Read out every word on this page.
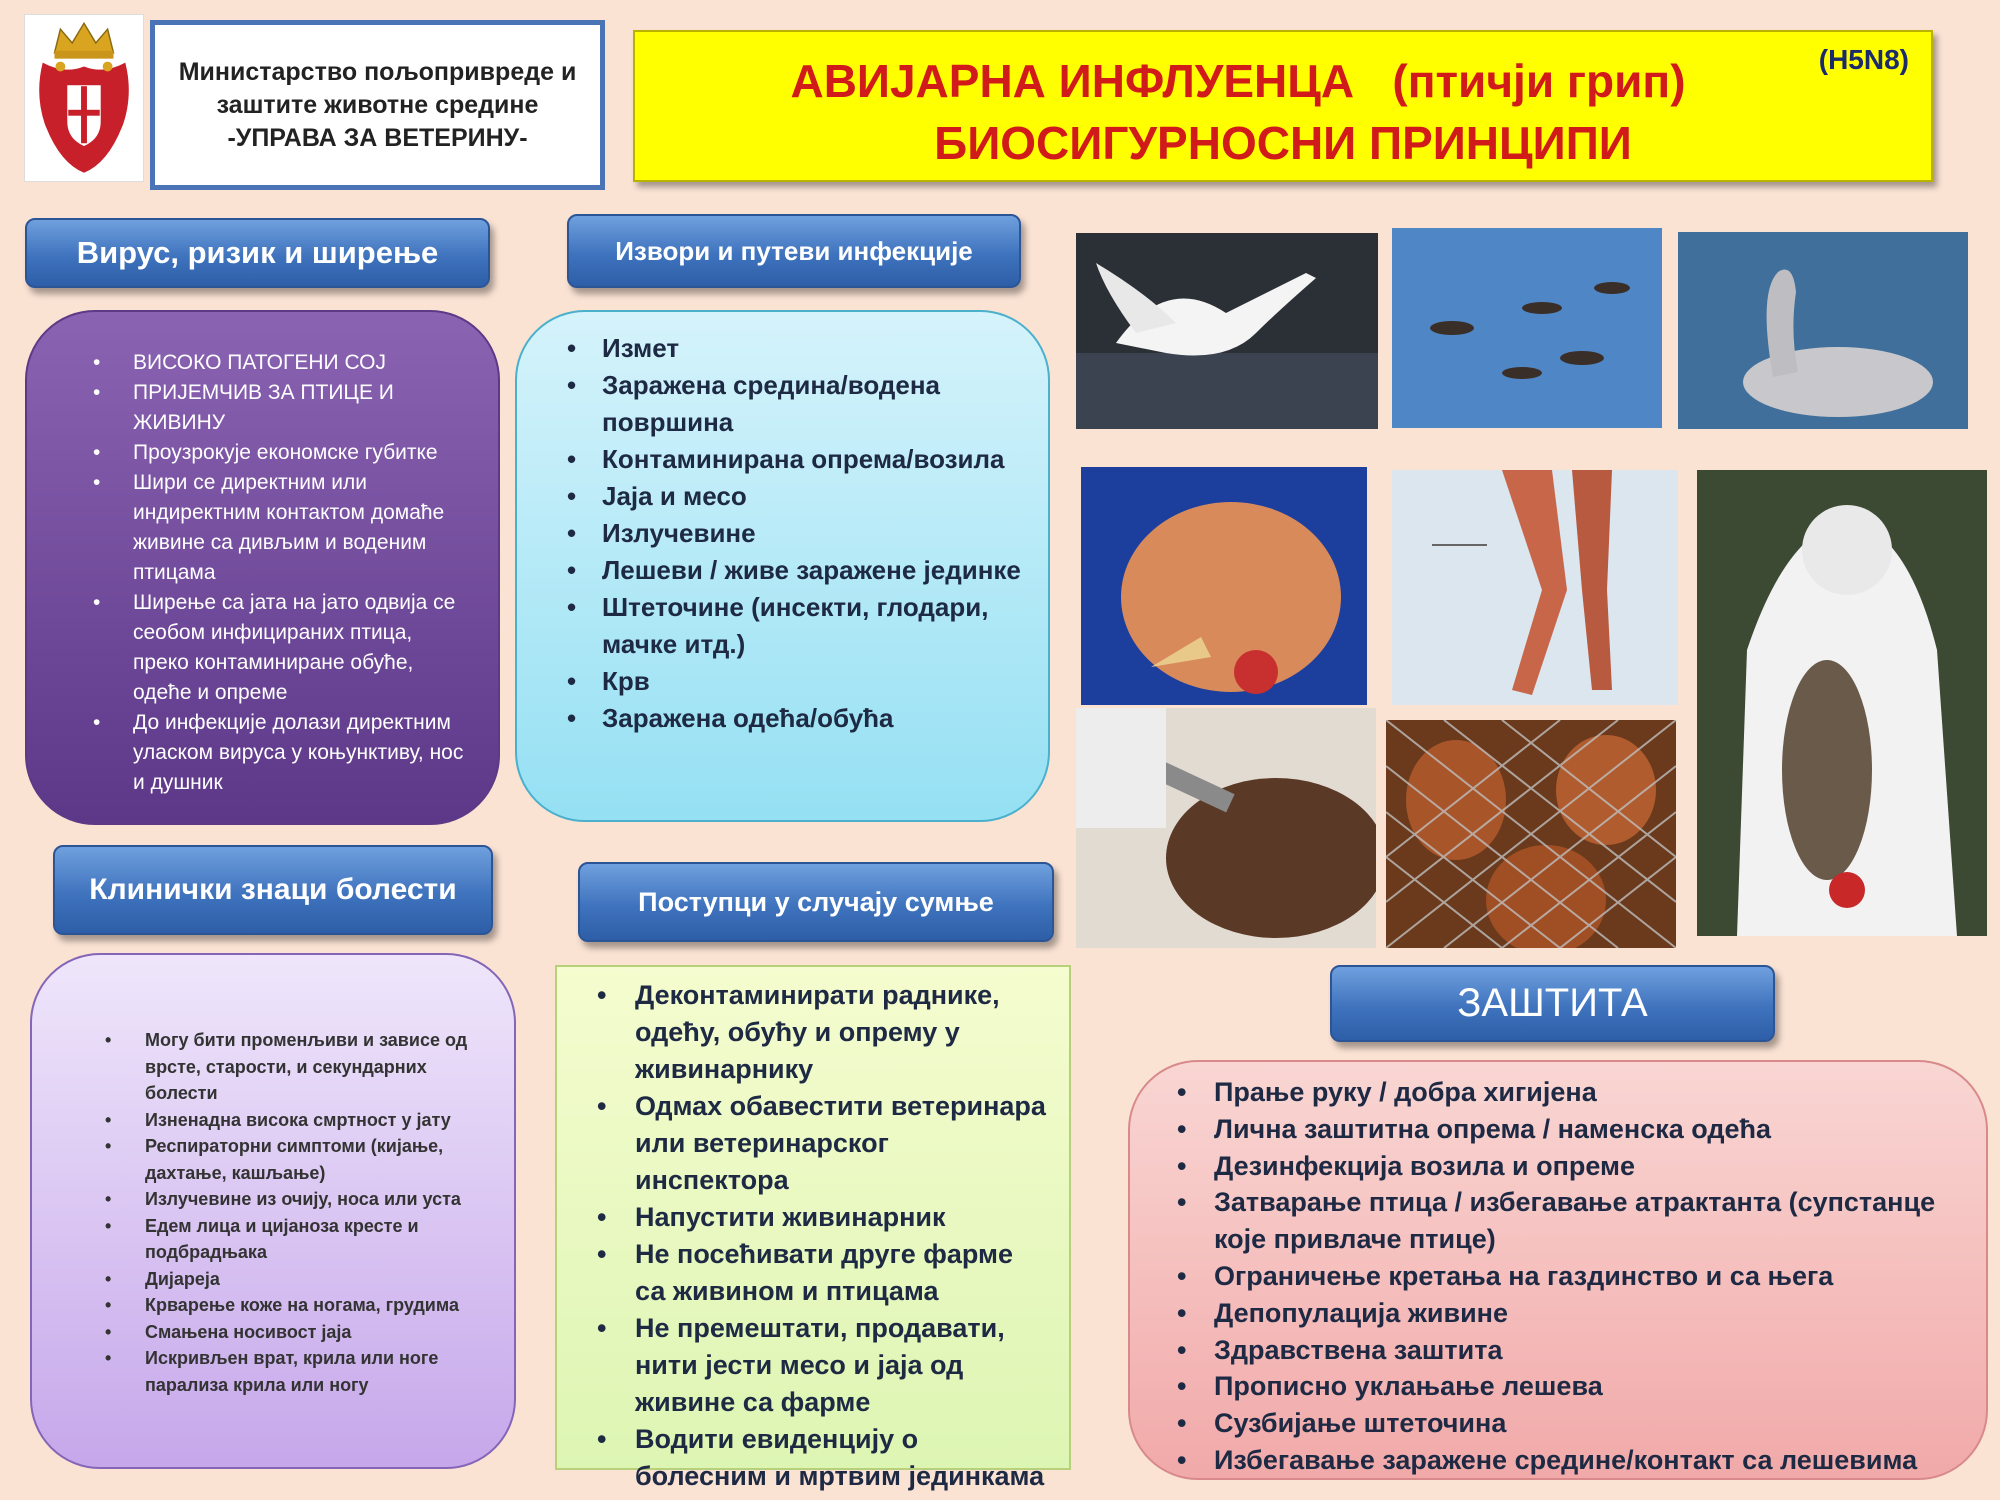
Министарство пољопривреде и
заштите животне средине
-УПРАВА ЗА ВЕТЕРИНУ-
АВИЈАРНА ИНФЛУЕНЦА   (птичји грип)
БИОСИГУРНОСНИ ПРИНЦИПИ
(H5N8)
Вирус, ризик и ширење	Извори и путеви инфекције
Клинички знаци болести	Поступци у случају сумње
ЗАШТИТА
• ВИСОКО ПАТОГЕНИ СОЈ
• ПРИЈЕМЧИВ ЗА ПТИЦЕ И ЖИВИНУ
• Проузрокује економске губитке
• Шири се директним или индиректним контактом домаће живине са дивљим и воденим птицама
• Ширење са јата на јато одвија се сеобом инфицираних птица, преко контаминиране обуће, одеће и опреме
• До инфекције долази директним уласком вируса у коњунктиву, нос и душник
• Измет
• Заражена средина/водена површина
• Контаминирана опрема/возила
• Јаја и месо
• Излучевине
• Лешеви / живе заражене јединке
• Штеточине (инсекти, глодари, мачке итд.)
• Крв
• Заражена одећа/обућа
• Могу бити променљиви и зависе од врсте, старости, и секундарних болести
• Изненадна висока смртност у јату
• Респираторни симптоми (кијање, дахтање, кашљање)
• Излучевине из очију, носа или уста
• Едем лица и цијаноза кресте и подбрадњака
• Дијареја
• Крварење коже на ногама, грудима
• Смањена носивост јаја
• Искривљен врат, крила или ноге парализа крила или ногу
• Деконтаминирати раднике, одећу, обућу и опрему у живинарнику
• Одмах обавестити ветеринара или ветеринарског инспектора
• Напустити живинарник
• Не посећивати друге фарме са живином и птицама
• Не премештати, продавати, нити јести месо и јаја од живине са фарме
• Водити евиденцију о болесним и мртвим јединкама
• Прање руку / добра хигијена
• Лична заштитна опрема / наменска одећа
• Дезинфекција возила и опреме
• Затварање птица / избегавање атрактанта (супстанце које привлаче птице)
• Ограничење кретања на газдинство и са њега
• Депопулација живине
• Здравствена заштита
• Прописно уклањање лешева
• Сузбијање штеточина
• Избегавање заражене средине/контакт са лешевима
